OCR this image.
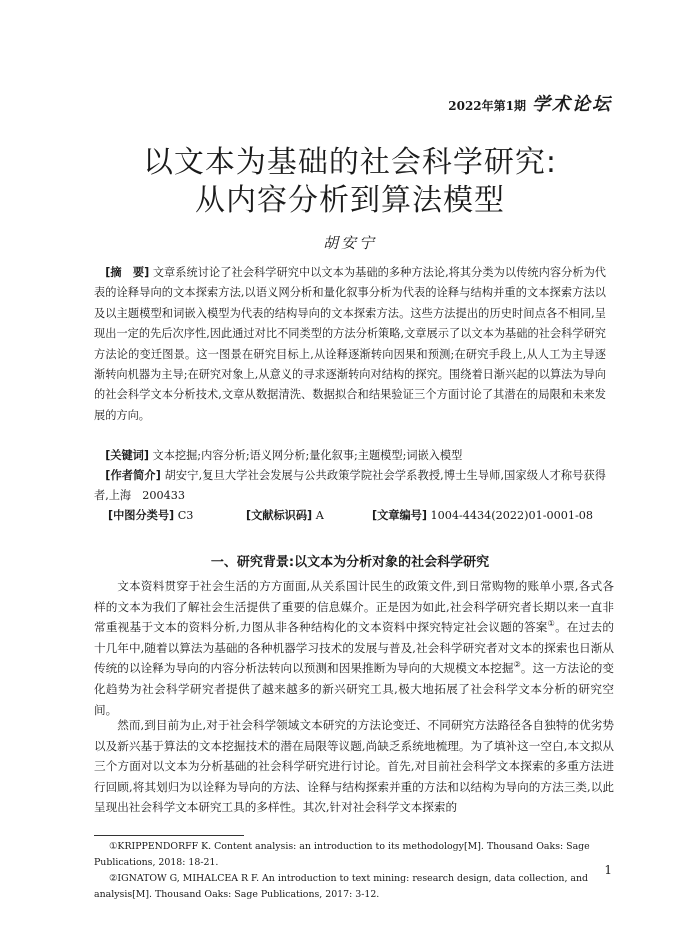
2022年第1期 学术论坛
以文本为基础的社会科学研究:
从内容分析到算法模型
胡安宁

[摘　要] 文章系统讨论了社会科学研究中以文本为基础的多种方法论,将其分类为以传统内容分析为代表的诠释导向的文本探索方法,以语义网分析和量化叙事分析为代表的诠释与结构并重的文本探索方法以及以主题模型和词嵌入模型为代表的结构导向的文本探索方法。这些方法提出的历史时间点各不相同,呈现出一定的先后次序性,因此通过对比不同类型的方法分析策略,文章展示了以文本为基础的社会科学研究方法论的变迁图景。这一图景在研究目标上,从诠释逐渐转向因果和预测;在研究手段上,从人工为主导逐渐转向机器为主导;在研究对象上,从意义的寻求逐渐转向对结构的探究。围绕着日渐兴起的以算法为导向的社会科学文本分析技术,文章从数据清洗、数据拟合和结果验证三个方面讨论了其潜在的局限和未来发展的方向。

[关键词] 文本挖掘;内容分析;语义网分析;量化叙事;主题模型;词嵌入模型

[作者简介] 胡安宁,复旦大学社会发展与公共政策学院社会学系教授,博士生导师,国家级人才称号获得者,上海　200433

[中图分类号] C3	[文献标识码] A	[文章编号] 1004-4434(2022)01-0001-08
一、研究背景:以文本为分析对象的社会科学研究

文本资料贯穿于社会生活的方方面面,从关系国计民生的政策文件,到日常购物的账单小票,各式各样的文本为我们了解社会生活提供了重要的信息媒介。正是因为如此,社会科学研究者长期以来一直非常重视基于文本的资料分析,力图从非各种结构化的文本资料中探究特定社会议题的答案①。在过去的十几年中,随着以算法为基础的各种机器学习技术的发展与普及,社会科学研究者对文本的探索也日渐从传统的以诠释为导向的内容分析法转向以预测和因果推断为导向的大规模文本挖掘②。这一方法论的变化趋势为社会科学研究者提供了越来越多的新兴研究工具,极大地拓展了社会科学文本分析的研究空间。

然而,到目前为止,对于社会科学领域文本研究的方法论变迁、不同研究方法路径各自独特的优劣势以及新兴基于算法的文本挖掘技术的潜在局限等议题,尚缺乏系统地梳理。为了填补这一空白,本文拟从三个方面对以文本为分析基础的社会科学研究进行讨论。首先,对目前社会科学文本探索的多重方法进行回顾,将其划归为以诠释为导向的方法、诠释与结构探索并重的方法和以结构为导向的方法三类,以此呈现出社会科学文本研究工具的多样性。其次,针对社会科学文本探索的

①KRIPPENDORFF K. Content analysis: an introduction to its methodology[M]. Thousand Oaks: Sage Publications, 2018: 18-21.

②IGNATOW G, MIHALCEA R F. An introduction to text mining: research design, data collection, and analysis[M]. Thousand Oaks: Sage Publications, 2017: 3-12.

1
